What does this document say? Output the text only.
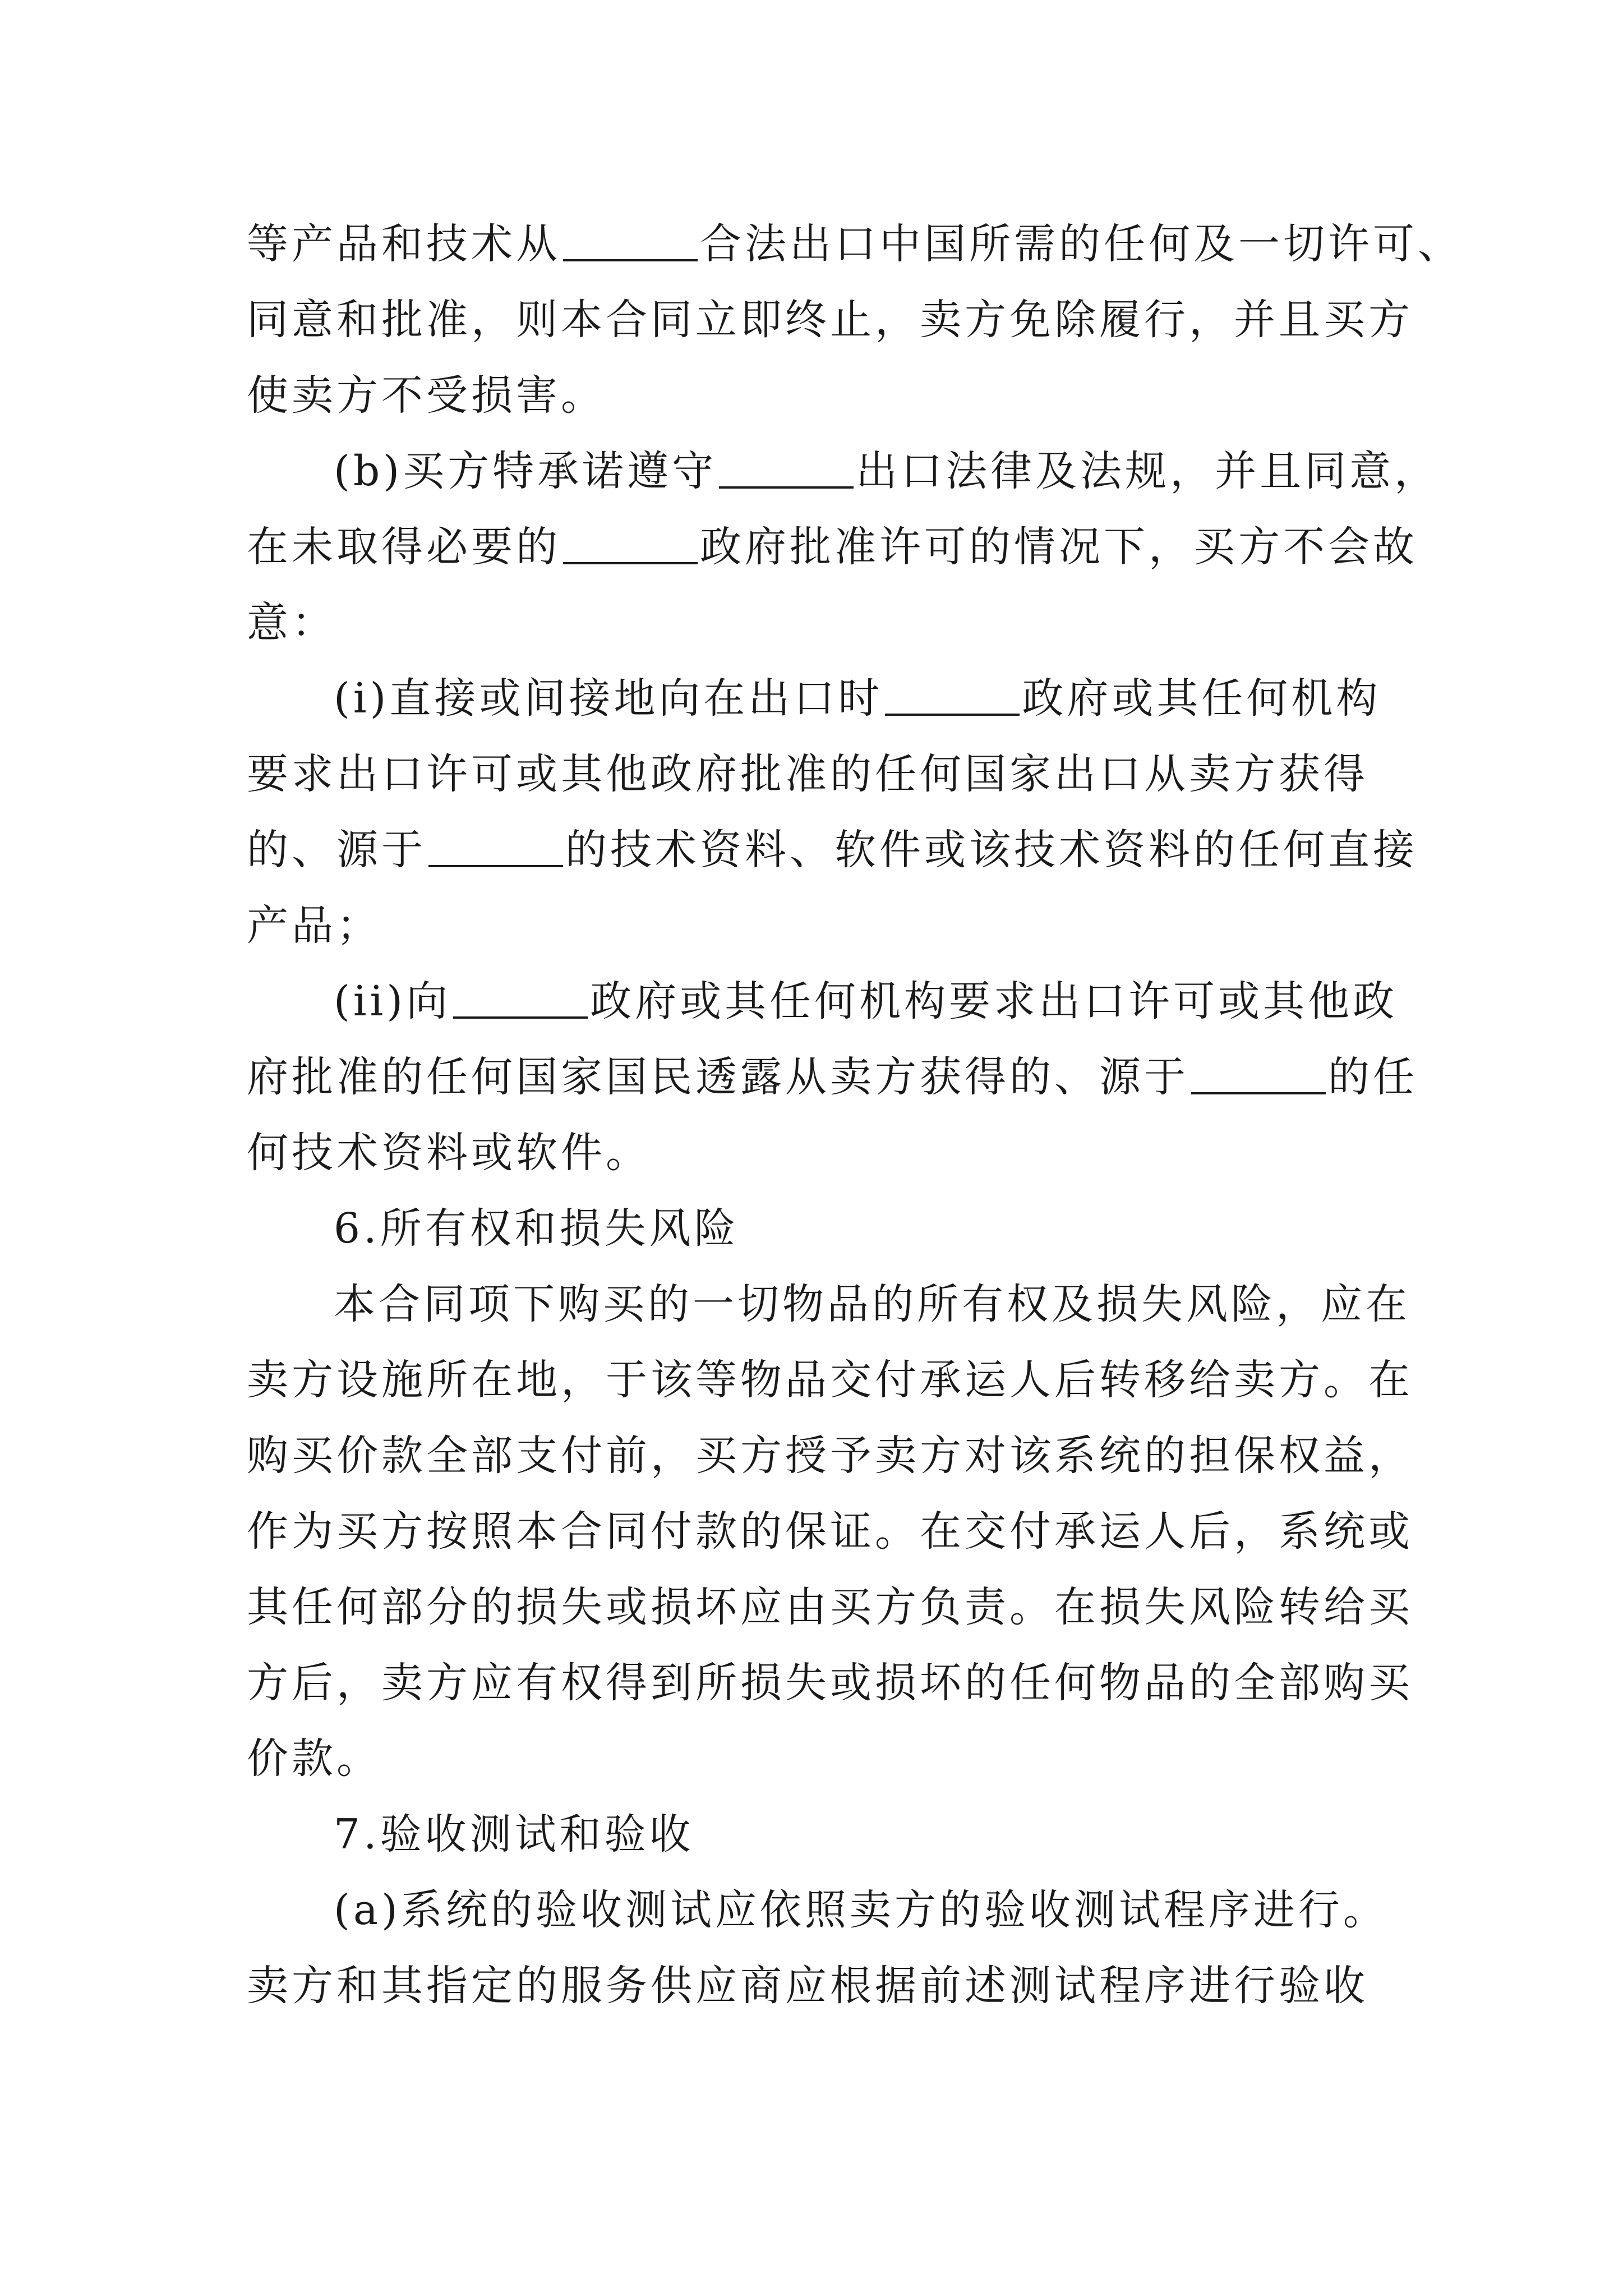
等产品和技术从	合法出口中国所需的任何及一切许可、
同意和批准，则本合同立即终止，卖方免除履行，并且买方
使卖方不受损害。
(b)买方特承诺遵守	出口法律及法规，并且同意，
在未取得必要的	政府批准许可的情况下，买方不会故
意：
(i)直接或间接地向在出口时	政府或其任何机构
要求出口许可或其他政府批准的任何国家出口从卖方获得
的、源于	的技术资料、软件或该技术资料的任何直接
产品；
(ii)向	政府或其任何机构要求出口许可或其他政
府批准的任何国家国民透露从卖方获得的、源于	的任
何技术资料或软件。
6.所有权和损失风险
本合同项下购买的一切物品的所有权及损失风险，应在
卖方设施所在地，于该等物品交付承运人后转移给卖方。在
购买价款全部支付前，买方授予卖方对该系统的担保权益，
作为买方按照本合同付款的保证。在交付承运人后，系统或
其任何部分的损失或损坏应由买方负责。在损失风险转给买
方后，卖方应有权得到所损失或损坏的任何物品的全部购买
价款。
7.验收测试和验收
(a)系统的验收测试应依照卖方的验收测试程序进行。
卖方和其指定的服务供应商应根据前述测试程序进行验收
